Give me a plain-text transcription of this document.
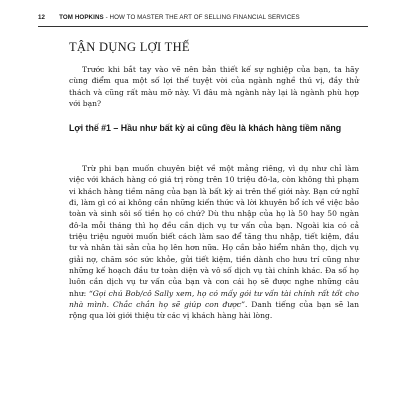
12 TOM HOPKINS - HOW TO MASTER THE ART OF SELLING FINANCIAL SERVICES
TẬN DỤNG LỢI THẾ

Trước khi bắt tay vào vẽ nên bản thiết kế sự nghiệp của bạn, ta hãy cùng điểm qua một số lợi thế tuyệt vời của ngành nghề thú vị, đầy thử thách và cũng rất màu mỡ này. Vì đâu mà ngành này lại là ngành phù hợp với bạn?

Lợi thế #1 – Hầu như bất kỳ ai cũng đều là khách hàng tiềm năng

Trừ phi bạn muốn chuyên biệt về một mảng riêng, vì dụ như chỉ làm việc với khách hàng có giá trị ròng trên 10 triệu đô-la, còn không thì phạm vi khách hàng tiềm năng của bạn là bất kỳ ai trên thế giới này. Bạn cứ nghĩ đi, làm gì có ai không cần những kiến thức và lời khuyên bổ ích về việc bảo toàn và sinh sôi số tiền họ có chứ? Dù thu nhập của họ là 50 hay 50 ngàn đô-la mỗi tháng thì họ đều cần dịch vụ tư vấn của bạn. Ngoài kia có cả triệu triệu người muốn biết cách làm sao để tăng thu nhập, tiết kiệm, đầu tư và nhân tài sản của họ lên hơn nữa. Họ cần bảo hiểm nhân thọ, dịch vụ giải nợ, chăm sóc sức khỏe, gửi tiết kiệm, tiền dành cho hưu trí cũng như những kế hoạch đầu tư toàn diện và vô số dịch vụ tài chính khác. Đa số họ luôn cần dịch vụ tư vấn của bạn và con cái họ sẽ được nghe những câu như: “Gọi chú Bob/cô Sally xem, họ có mấy gói tư vấn tài chính rất tốt cho nhà mình. Chắc chắn họ sẽ giúp con được”. Danh tiếng của bạn sẽ lan rộng qua lời giới thiệu từ các vị khách hàng hài lòng.
